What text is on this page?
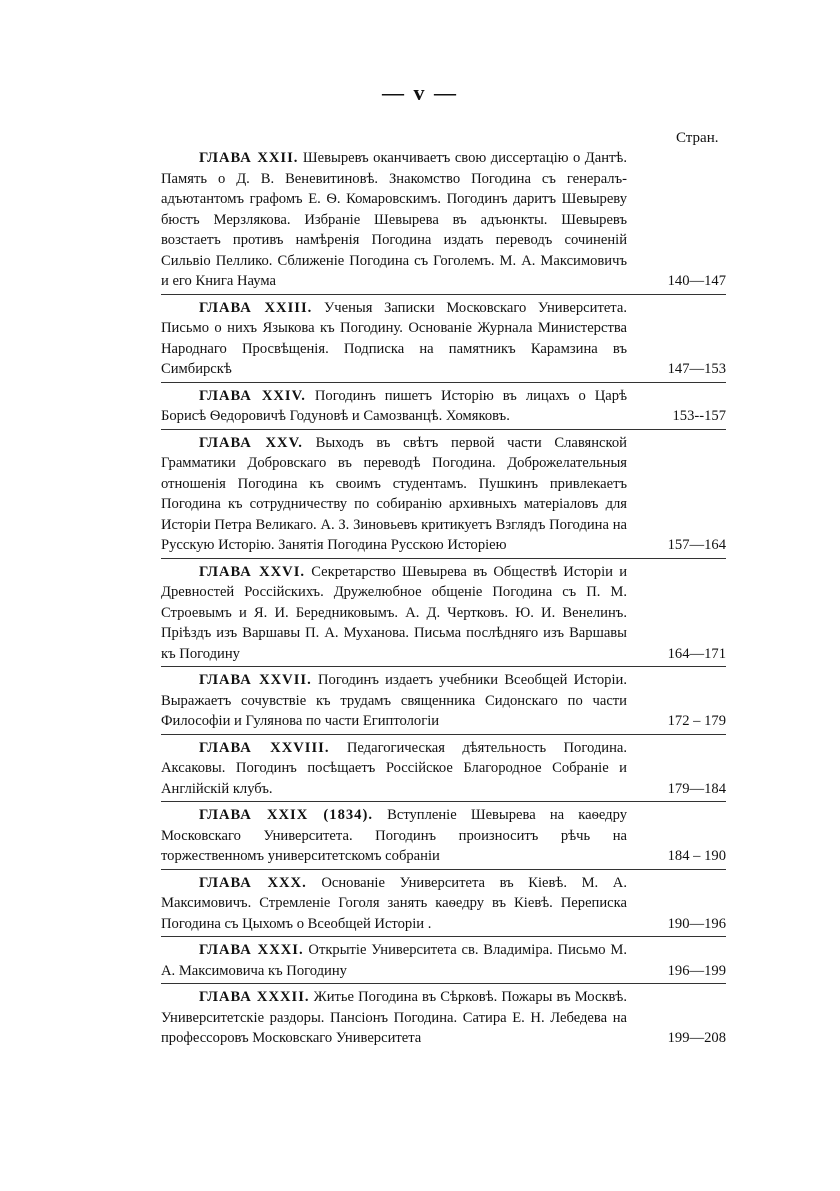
— v —
Стран.
ГЛАВА XXII. Шевыревъ оканчиваетъ свою диссертацію о Дантѣ. Память о Д. В. Веневитиновѣ. Знакомство Погодина съ генералъ-адъютантомъ графомъ Е. Ѳ. Комаровскимъ. Погодинъ даритъ Шевыреву бюстъ Мерзлякова. Избраніе Шевырева въ адъюнкты. Шевыревъ возстаетъ противъ намѣренія Погодина издать переводъ сочиненій Сильвіо Пеллико. Сближеніе Погодина съ Гоголемъ. М. А. Максимовичъ и его Книга Наума	140—147
ГЛАВА XXIII. Ученыя Записки Московскаго Университета. Письмо о нихъ Языкова къ Погодину. Основаніе Журнала Министерства Народнаго Просвѣщенія. Подписка на памятникъ Карамзина въ Симбирскѣ	147—153
ГЛАВА XXIV. Погодинъ пишетъ Исторію въ лицахъ о Царѣ Борисѣ Ѳедоровичѣ Годуновѣ и Самозванцѣ. Хомяковъ.	153--157
ГЛАВА XXV. Выходъ въ свѣтъ первой части Славянской Грамматики Добровскаго въ переводѣ Погодина. Доброжелательныя отношенія Погодина къ своимъ студентамъ. Пушкинъ привлекаетъ Погодина къ сотрудничеству по собиранію архивныхъ матеріаловъ для Исторіи Петра Великаго. А. З. Зиновьевъ критикуетъ Взглядъ Погодина на Русскую Исторію. Занятія Погодина Русскою Исторіею	157—164
ГЛАВА XXVI. Секретарство Шевырева въ Обществѣ Исторіи и Древностей Россійскихъ. Дружелюбное общеніе Погодина съ П. М. Строевымъ и Я. И. Бередниковымъ. А. Д. Чертковъ. Ю. И. Венелинъ. Пріѣздъ изъ Варшавы П. А. Муханова. Письма послѣдняго изъ Варшавы къ Погодину	164—171
ГЛАВА XXVII. Погодинъ издаетъ учебники Всеобщей Исторіи. Выражаетъ сочувствіе къ трудамъ священника Сидонскаго по части Философіи и Гулянова по части Египтологіи	172 – 179
ГЛАВА XXVIII. Педагогическая дѣятельность Погодина. Аксаковы. Погодинъ посѣщаетъ Россійское Благородное Собраніе и Англійскій клубъ.	179—184
ГЛАВА XXIX (1834). Вступленіе Шевырева на каѳедру Московскаго Университета. Погодинъ произноситъ рѣчь на торжественномъ университетскомъ собраніи	184 – 190
ГЛАВА XXX. Основаніе Университета въ Кіевѣ. М. А. Максимовичъ. Стремленіе Гоголя занять каѳедру въ Кіевѣ. Переписка Погодина съ Цыхомъ о Всеобщей Исторіи .	190—196
ГЛАВА XXXI. Открытіе Университета св. Владиміра. Письмо М. А. Максимовича къ Погодину	196—199
ГЛАВА XXXII. Житье Погодина въ Сѣрковѣ. Пожары въ Москвѣ. Университетскіе раздоры. Пансіонъ Погодина. Сатира Е. Н. Лебедева на профессоровъ Московскаго Университета	199—208
